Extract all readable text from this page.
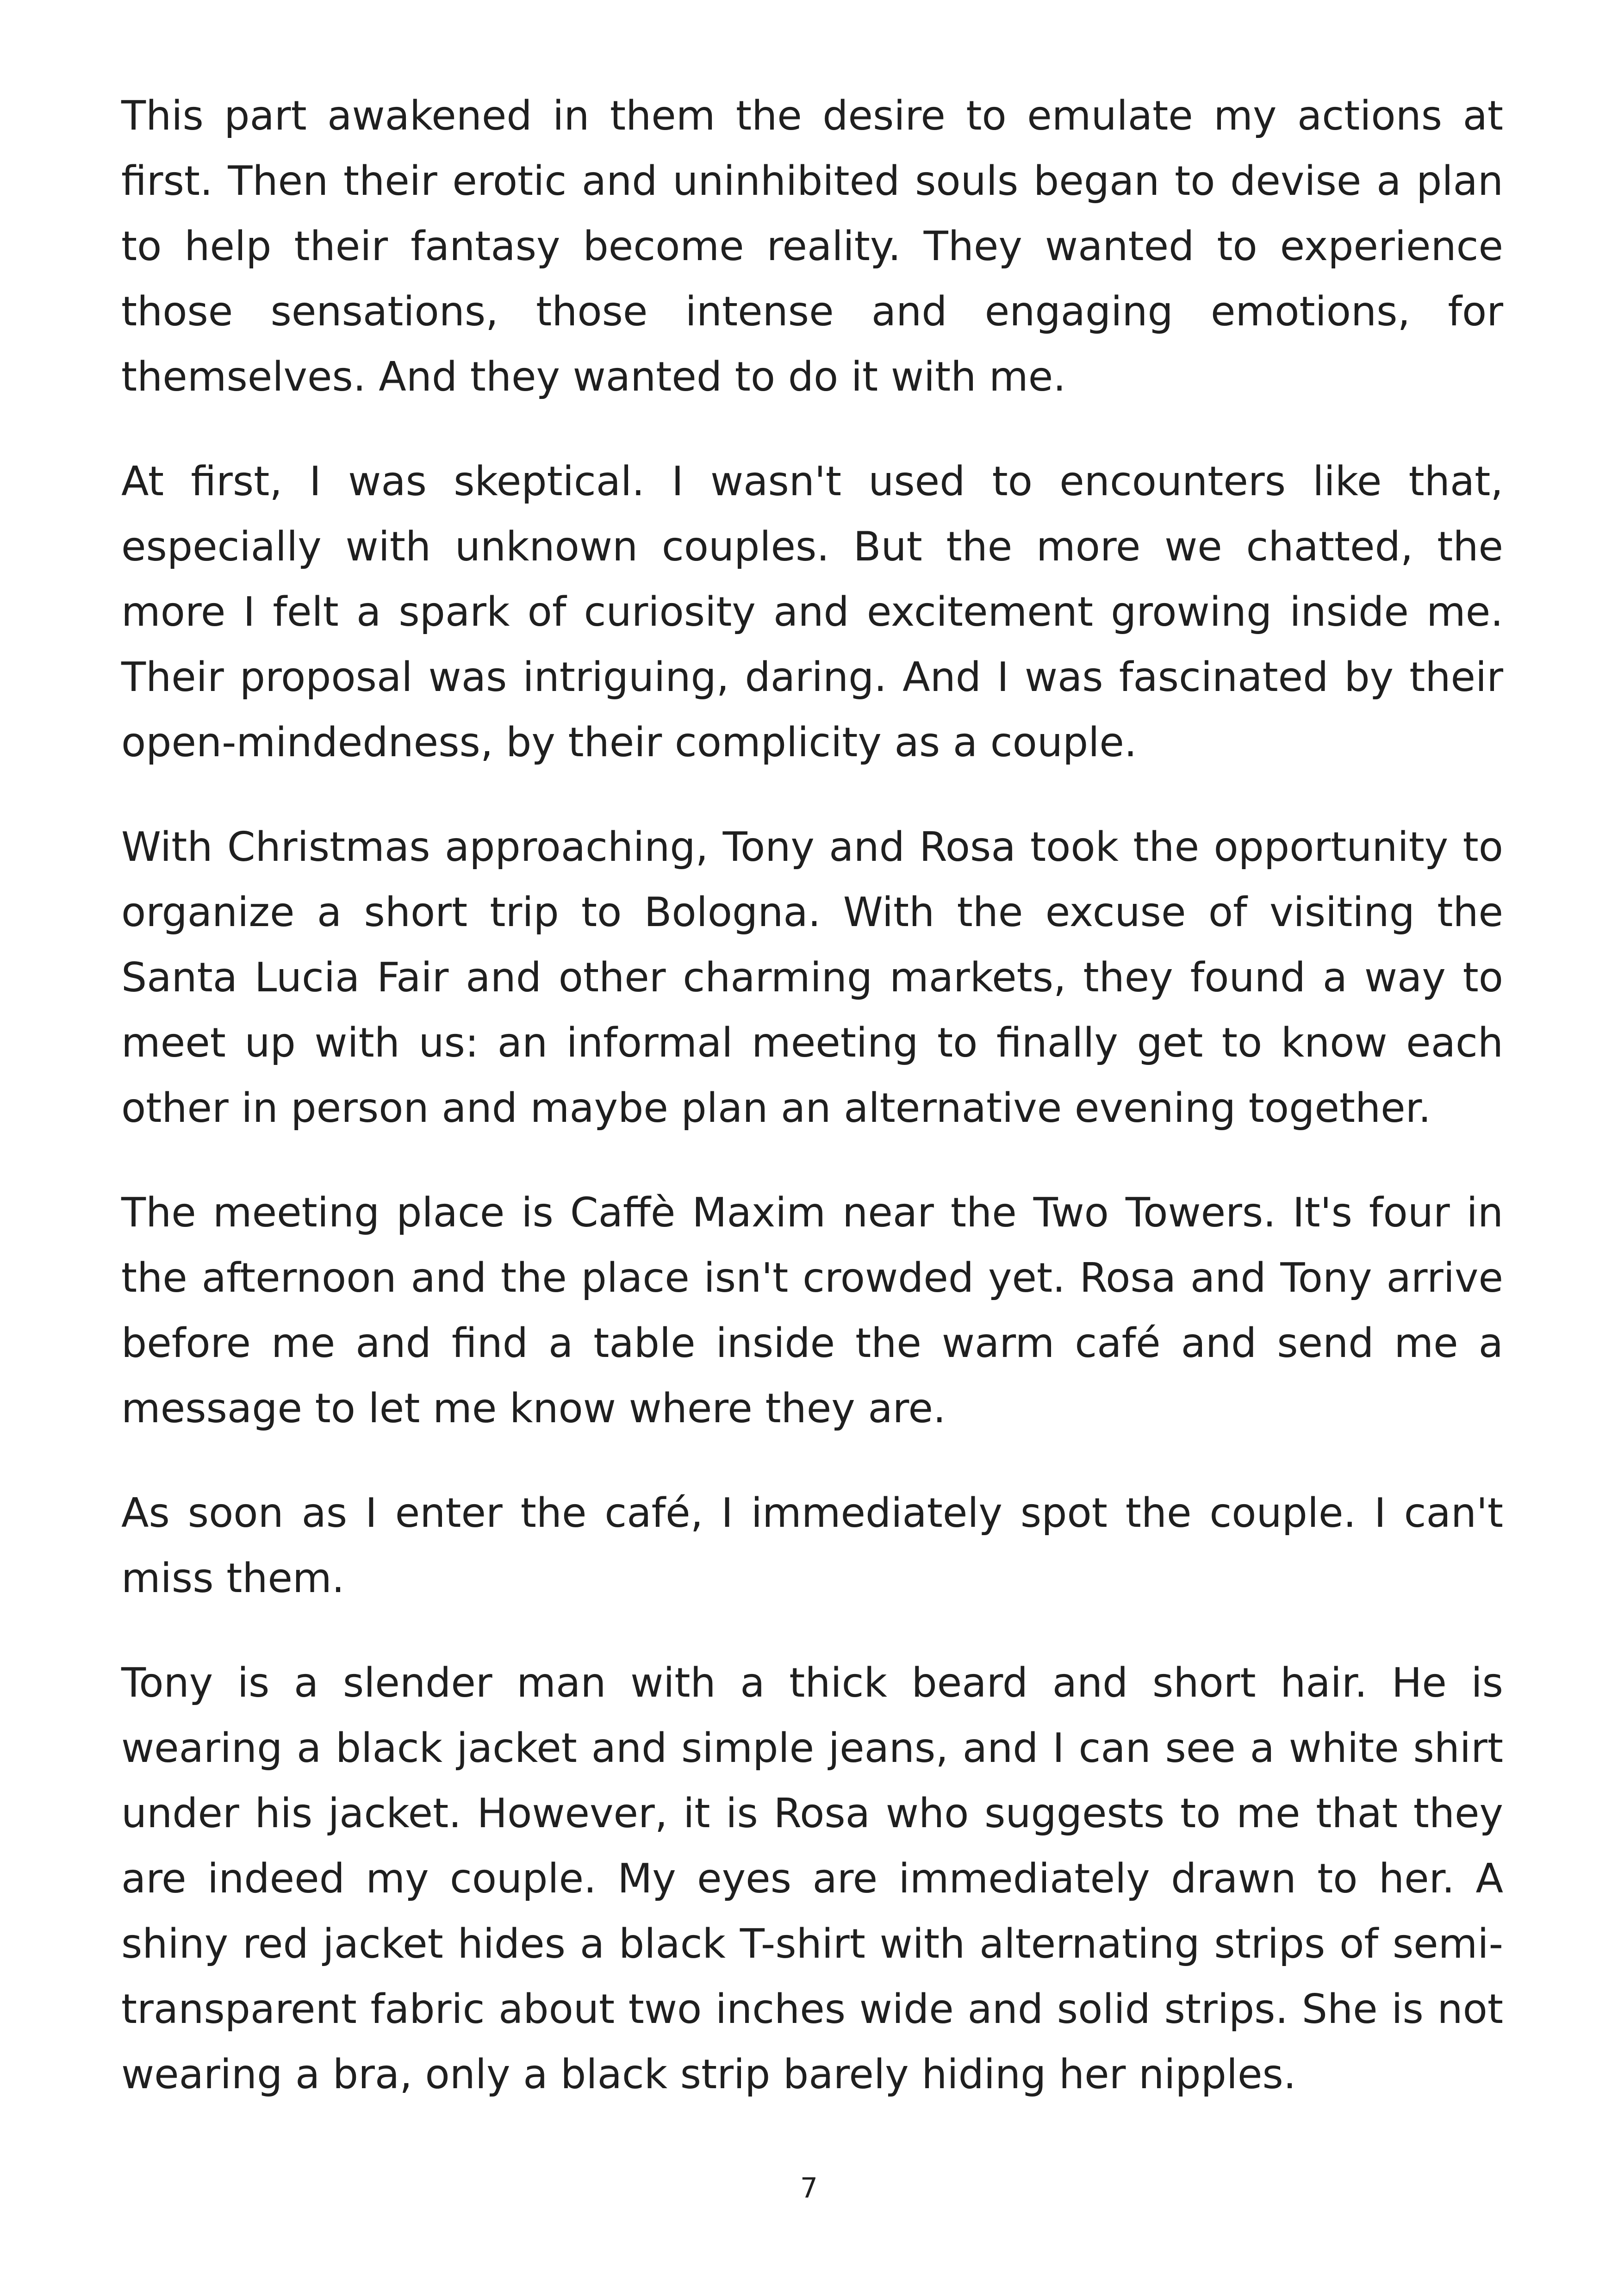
This part awakened in them the desire to emulate my actions at first. Then their erotic and uninhibited souls began to devise a plan to help their fantasy become reality. They wanted to experience those sensations, those intense and engaging emotions, for themselves. And they wanted to do it with me.

At first, I was skeptical. I wasn't used to encounters like that, especially with unknown couples. But the more we chatted, the more I felt a spark of curiosity and excitement growing inside me. Their proposal was intriguing, daring. And I was fascinated by their open-mindedness, by their complicity as a couple.

With Christmas approaching, Tony and Rosa took the opportunity to organize a short trip to Bologna. With the excuse of visiting the Santa Lucia Fair and other charming markets, they found a way to meet up with us: an informal meeting to finally get to know each other in person and maybe plan an alternative evening together.

The meeting place is Caffè Maxim near the Two Towers. It's four in the afternoon and the place isn't crowded yet. Rosa and Tony arrive before me and find a table inside the warm café and send me a message to let me know where they are.

As soon as I enter the café, I immediately spot the couple. I can't miss them.

Tony is a slender man with a thick beard and short hair. He is wearing a black jacket and simple jeans, and I can see a white shirt under his jacket. However, it is Rosa who suggests to me that they are indeed my couple. My eyes are immediately drawn to her. A shiny red jacket hides a black T-shirt with alternating strips of semi-transparent fabric about two inches wide and solid strips. She is not wearing a bra, only a black strip barely hiding her nipples.

7
